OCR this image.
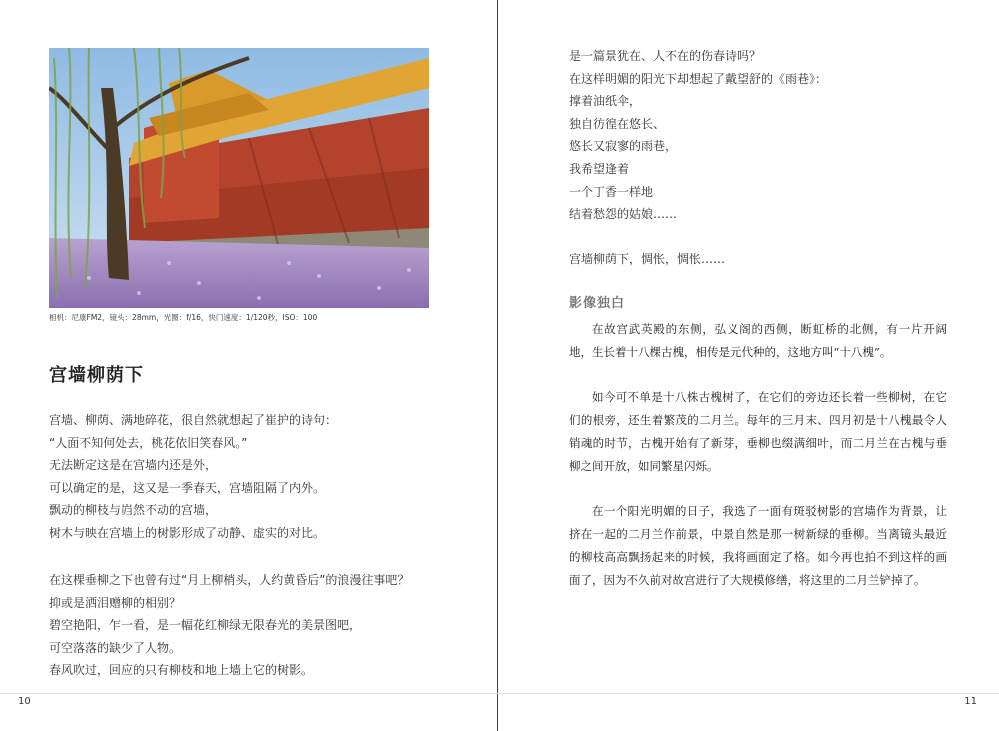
相机：尼康FM2，镜头：28mm，光圈：f/16，快门速度：1/120秒，ISO：100
宫墙柳荫下
宫墙、柳荫、满地碎花，很自然就想起了崔护的诗句：
“人面不知何处去，桃花依旧笑春风。”
无法断定这是在宫墙内还是外，
可以确定的是，这又是一季春天，宫墙阻隔了内外。
飘动的柳枝与岿然不动的宫墙，
树木与映在宫墙上的树影形成了动静、虚实的对比。
在这棵垂柳之下也曾有过“月上柳梢头，人约黄昏后”的浪漫往事吧？
抑或是洒泪赠柳的相别？
碧空艳阳，乍一看，是一幅花红柳绿无限春光的美景图吧，
可空落落的缺少了人物。
春风吹过，回应的只有柳枝和地上墙上它的树影。
10
是一篇景犹在、人不在的伤春诗吗？
在这样明媚的阳光下却想起了戴望舒的《雨巷》：
撑着油纸伞，
独自彷徨在悠长、
悠长又寂寥的雨巷，
我希望逢着
一个丁香一样地
结着愁怨的姑娘……
宫墙柳荫下，惆怅，惆怅……
影像独白

在故宫武英殿的东侧，弘义阁的西侧，断虹桥的北侧，有一片开阔地，生长着十八棵古槐，相传是元代种的，这地方叫“十八槐”。

如今可不单是十八株古槐树了，在它们的旁边还长着一些柳树，在它们的根旁，还生着繁茂的二月兰。每年的三月末、四月初是十八槐最令人销魂的时节，古槐开始有了新芽，垂柳也缀满细叶，而二月兰在古槐与垂柳之间开放，如同繁星闪烁。

在一个阳光明媚的日子，我选了一面有斑驳树影的宫墙作为背景，让挤在一起的二月兰作前景，中景自然是那一树新绿的垂柳。当离镜头最近的柳枝高高飘扬起来的时候，我将画面定了格。如今再也拍不到这样的画面了，因为不久前对故宫进行了大规模修缮，将这里的二月兰铲掉了。

11
